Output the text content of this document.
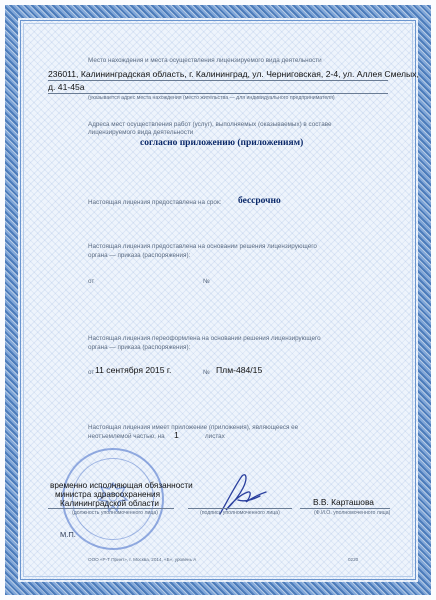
Место нахождения и места осуществления лицензируемого вида деятельности
236011, Калининградская область, г. Калининград, ул. Черниговская, 2-4, ул. Аллея Смелых,
д. 41-45а
(указывается адрес места нахождения (место жительства — для индивидуального предпринимателя)
Адреса мест осуществления работ (услуг), выполняемых (оказываемых) в составе
лицензируемого вида деятельности
согласно приложению (приложениям)
Настоящая лицензия предоставлена на срок: бессрочно
Настоящая лицензия предоставлена на основании решения лицензирующего
органа — приказа (распоряжения):
от	№
Настоящая лицензия переоформлена на основании решения лицензирующего
органа — приказа (распоряжения):
от 11 сентября 2015 г.	№ Плм-484/15
Настоящая лицензия имеет приложение (приложения), являющееся ее
неотъемлемой частью, на 1	листах
временно исполняющая обязанности
министра здравоохранения
Калининградской области
(должность уполномоченного лица)
М.П.
(подпись уполномоченного лица)
В.В. Карташова
(Ф.И.О. уполномоченного лица)
ООО «Р-Т Принт», г. Москва, 2014, «Б», уровень А	0220
